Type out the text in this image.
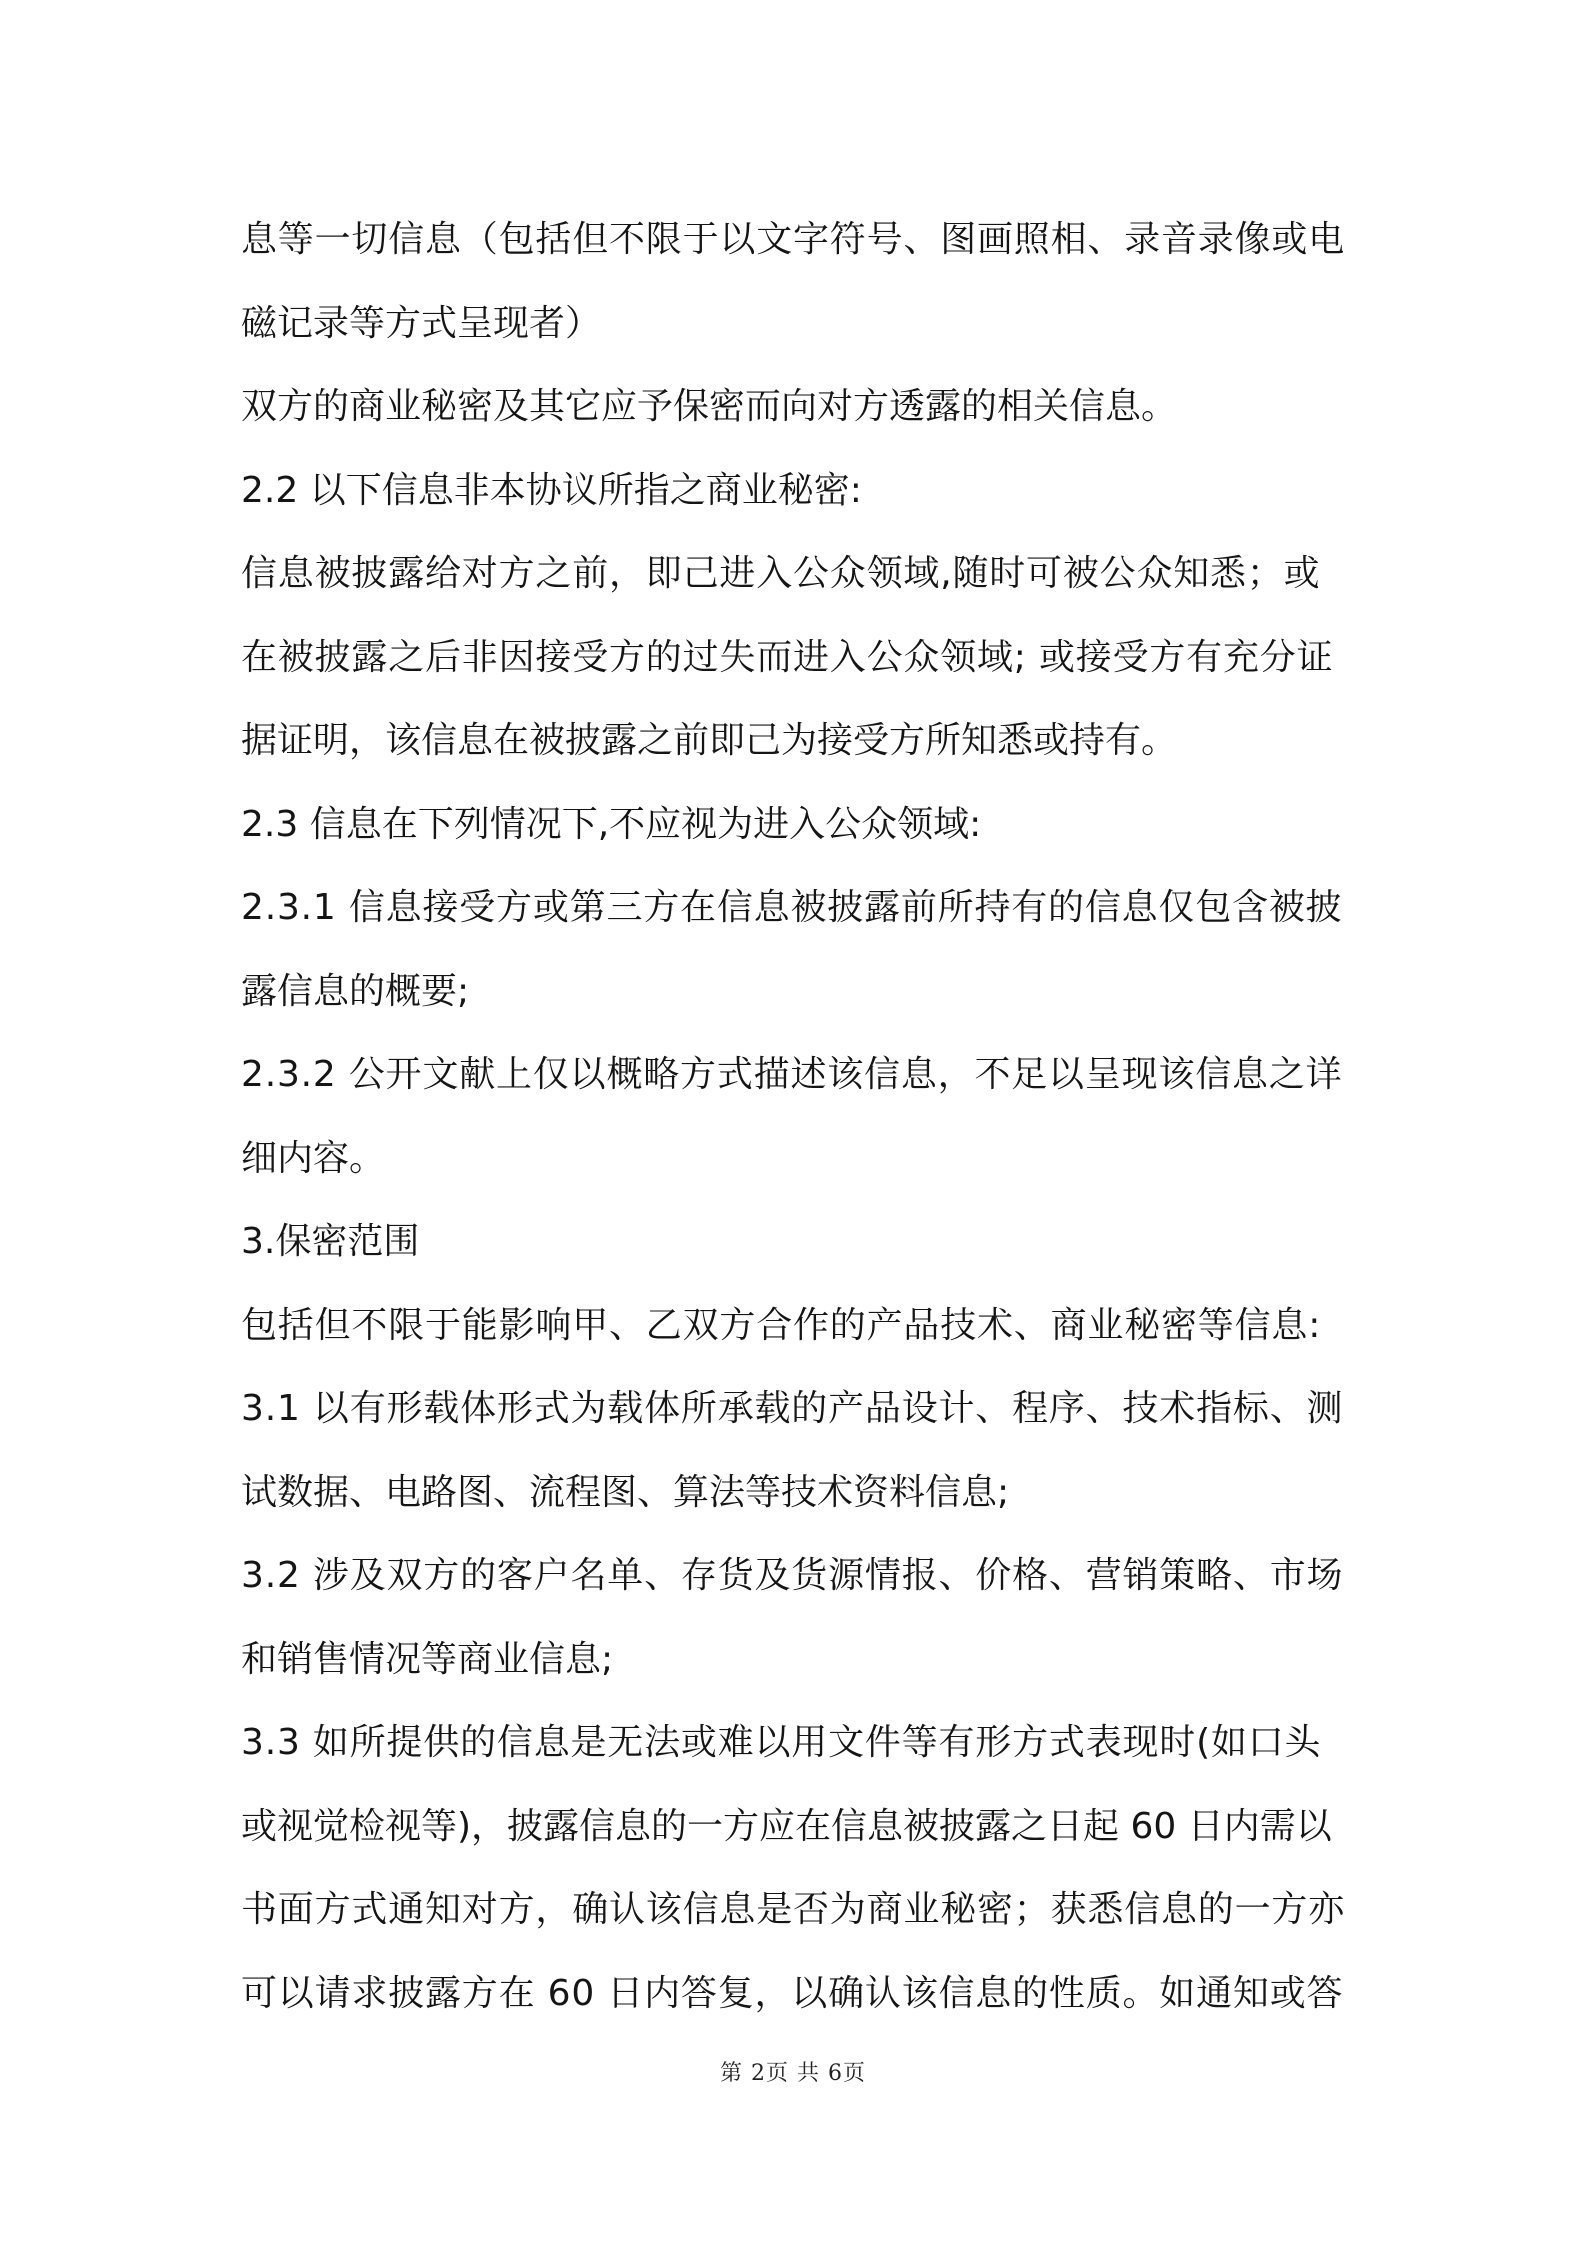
息等一切信息（包括但不限于以文字符号、图画照相、录音录像或电
磁记录等方式呈现者）
双方的商业秘密及其它应予保密而向对方透露的相关信息。
2.2 以下信息非本协议所指之商业秘密:
信息被披露给对方之前，即己进入公众领域,随时可被公众知悉；或
在被披露之后非因接受方的过失而进入公众领域; 或接受方有充分证
据证明，该信息在被披露之前即己为接受方所知悉或持有。
2.3 信息在下列情况下,不应视为进入公众领域:
2.3.1 信息接受方或第三方在信息被披露前所持有的信息仅包含被披
露信息的概要;
2.3.2 公开文献上仅以概略方式描述该信息，不足以呈现该信息之详
细内容。
3.保密范围
包括但不限于能影响甲、乙双方合作的产品技术、商业秘密等信息:
3.1 以有形载体形式为载体所承载的产品设计、程序、技术指标、测
试数据、电路图、流程图、算法等技术资料信息;
3.2 涉及双方的客户名单、存货及货源情报、价格、营销策略、市场
和销售情况等商业信息;
3.3 如所提供的信息是无法或难以用文件等有形方式表现时(如口头
或视觉检视等)，披露信息的一方应在信息被披露之日起 60 日内需以
书面方式通知对方，确认该信息是否为商业秘密；获悉信息的一方亦
可以请求披露方在 60 日内答复，以确认该信息的性质。如通知或答
第 2页 共 6页
